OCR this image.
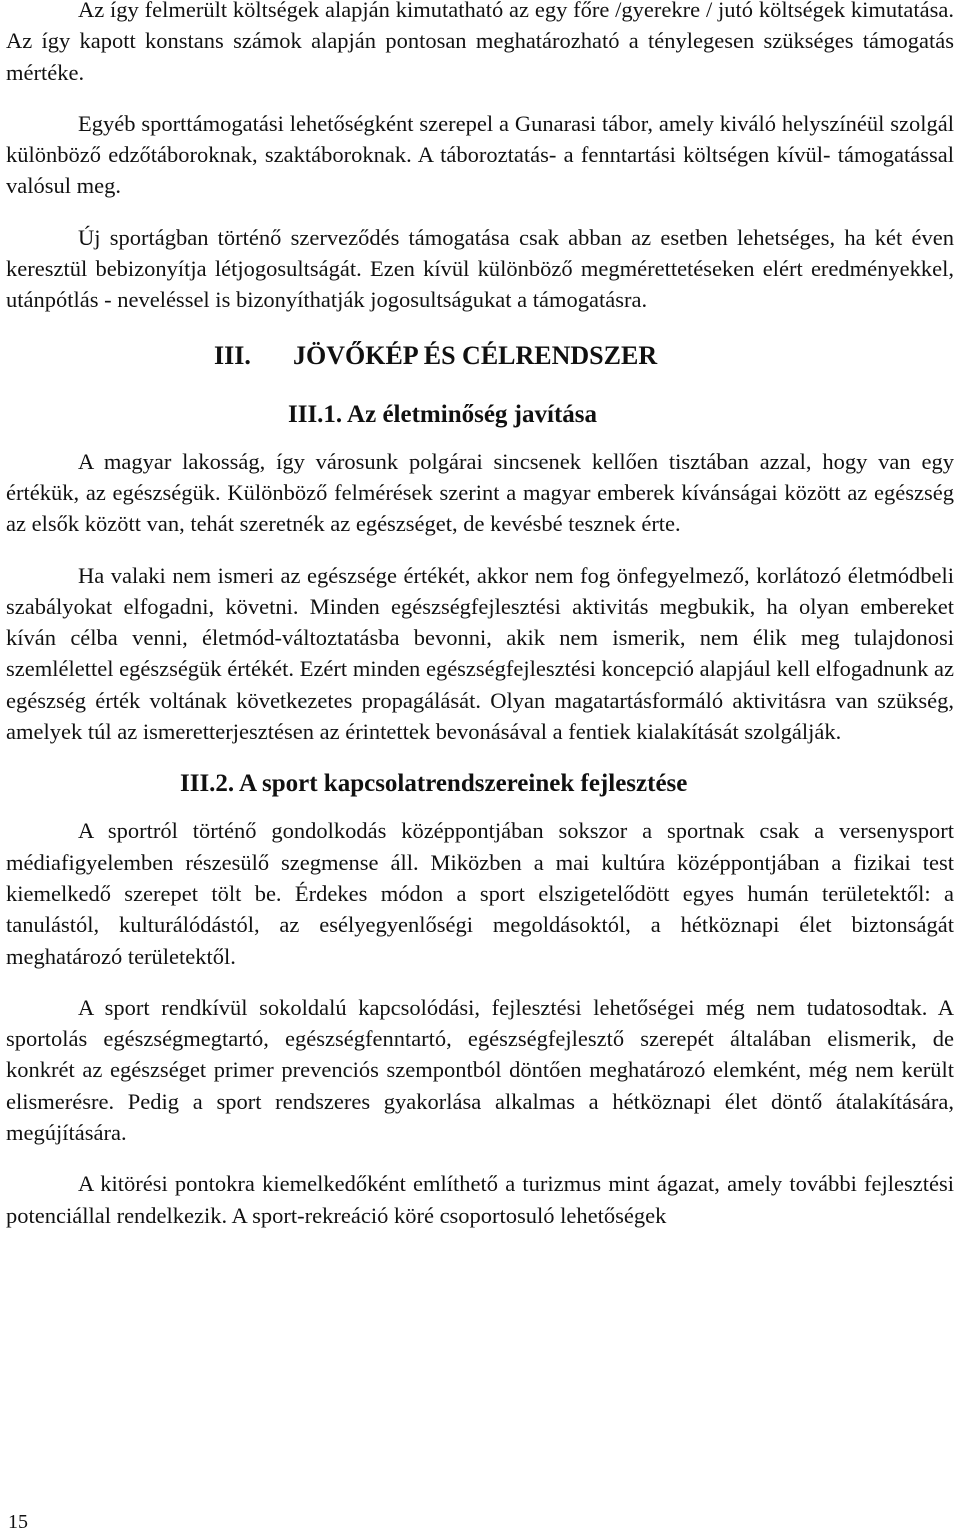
Az így felmerült költségek alapján kimutatható az egy főre /gyerekre / jutó költségek kimutatása. Az így kapott konstans számok alapján pontosan meghatározható a ténylegesen szükséges támogatás mértéke.

Egyéb sporttámogatási lehetőségként szerepel a Gunarasi tábor, amely kiváló helyszínéül szolgál különböző edzőtáboroknak, szaktáboroknak. A táboroztatás- a fenntartási költségen kívül- támogatással valósul meg.

Új sportágban történő szerveződés támogatása csak abban az esetben lehetséges, ha két éven keresztül bebizonyítja létjogosultságát. Ezen kívül különböző megmérettetéseken elért eredményekkel, utánpótlás - neveléssel is bizonyíthatják jogosultságukat a támogatásra.

III. JÖVŐKÉP ÉS CÉLRENDSZER
III.1. Az életminőség javítása

A magyar lakosság, így városunk polgárai sincsenek kellően tisztában azzal, hogy van egy értékük, az egészségük. Különböző felmérések szerint a magyar emberek kívánságai között az egészség az elsők között van, tehát szeretnék az egészséget, de kevésbé tesznek érte.

Ha valaki nem ismeri az egészsége értékét, akkor nem fog önfegyelmező, korlátozó életmódbeli szabályokat elfogadni, követni. Minden egészségfejlesztési aktivitás megbukik, ha olyan embereket kíván célba venni, életmód-változtatásba bevonni, akik nem ismerik, nem élik meg tulajdonosi szemlélettel egészségük értékét. Ezért minden egészségfejlesztési koncepció alapjául kell elfogadnunk az egészség érték voltának következetes propagálását. Olyan magatartásformáló aktivitásra van szükség, amelyek túl az ismeretterjesztésen az érintettek bevonásával a fentiek kialakítását szolgálják.

III.2. A sport kapcsolatrendszereinek fejlesztése

A sportról történő gondolkodás középpontjában sokszor a sportnak csak a versenysport médiafigyelemben részesülő szegmense áll. Miközben a mai kultúra középpontjában a fizikai test kiemelkedő szerepet tölt be. Érdekes módon a sport elszigetelődött egyes humán területektől: a tanulástól, kulturálódástól, az esélyegyenlőségi megoldásoktól, a hétköznapi élet biztonságát meghatározó területektől.

A sport rendkívül sokoldalú kapcsolódási, fejlesztési lehetőségei még nem tudatosodtak. A sportolás egészségmegtartó, egészségfenntartó, egészségfejlesztő szerepét általában elismerik, de konkrét az egészséget primer prevenciós szempontból döntően meghatározó elemként, még nem került elismerésre. Pedig a sport rendszeres gyakorlása alkalmas a hétköznapi élet döntő átalakítására, megújítására.

A kitörési pontokra kiemelkedőként említhető a turizmus mint ágazat, amely további fejlesztési potenciállal rendelkezik. A sport-rekreáció köré csoportosuló lehetőségek

15
